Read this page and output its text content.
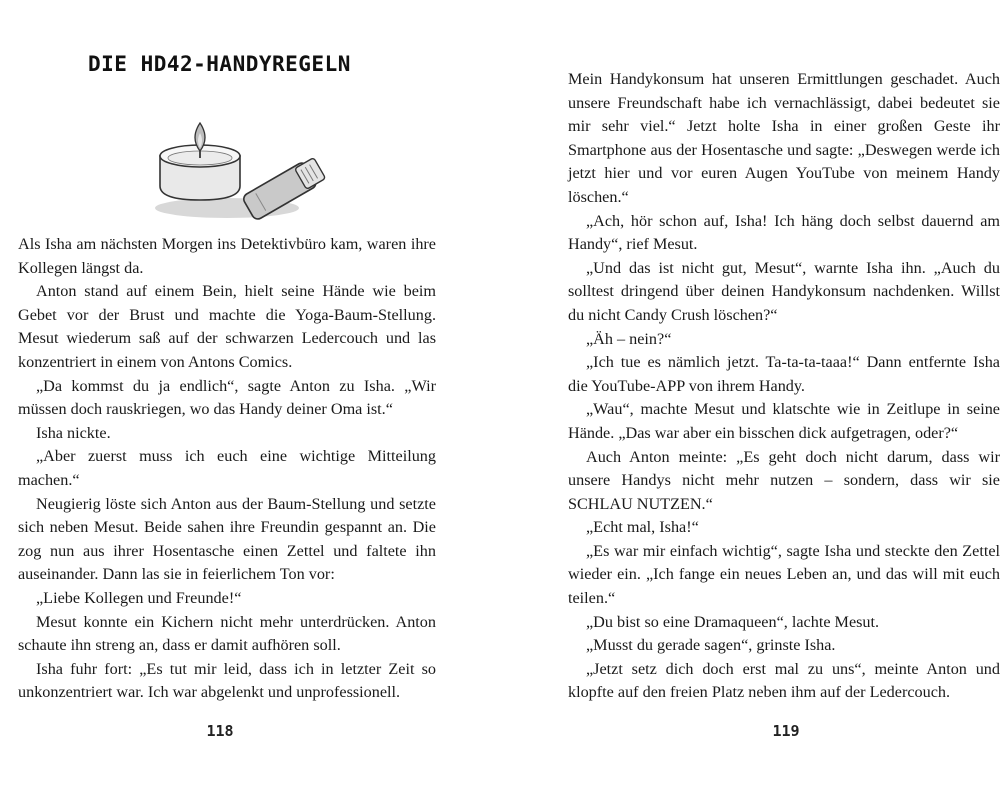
DIE HD42-HANDYREGELN

Als Isha am nächsten Morgen ins Detektivbüro kam, waren ihre Kollegen längst da.

Anton stand auf einem Bein, hielt seine Hände wie beim Gebet vor der Brust und machte die Yoga-Baum-Stellung. Mesut wiederum saß auf der schwarzen Ledercouch und las konzentriert in einem von Antons Comics.

„Da kommst du ja endlich“, sagte Anton zu Isha. „Wir müssen doch rauskriegen, wo das Handy deiner Oma ist.“

Isha nickte.

„Aber zuerst muss ich euch eine wichtige Mitteilung machen.“

Neugierig löste sich Anton aus der Baum-Stellung und setzte sich neben Mesut. Beide sahen ihre Freundin gespannt an. Die zog nun aus ihrer Hosentasche einen Zettel und faltete ihn auseinander. Dann las sie in feierlichem Ton vor:

„Liebe Kollegen und Freunde!“

Mesut konnte ein Kichern nicht mehr unterdrücken. Anton schaute ihn streng an, dass er damit aufhören soll.

Isha fuhr fort: „Es tut mir leid, dass ich in letzter Zeit so unkonzentriert war. Ich war abgelenkt und unprofessionell.

118

Mein Handykonsum hat unseren Ermittlungen geschadet. Auch unsere Freundschaft habe ich vernachlässigt, dabei bedeutet sie mir sehr viel.“ Jetzt holte Isha in einer großen Geste ihr Smartphone aus der Hosentasche und sagte: „Deswegen werde ich jetzt hier und vor euren Augen YouTube von meinem Handy löschen.“

„Ach, hör schon auf, Isha! Ich häng doch selbst dauernd am Handy“, rief Mesut.

„Und das ist nicht gut, Mesut“, warnte Isha ihn. „Auch du solltest dringend über deinen Handykonsum nachdenken. Willst du nicht Candy Crush löschen?“

„Äh – nein?“

„Ich tue es nämlich jetzt. Ta-ta-ta-taaa!“ Dann entfernte Isha die YouTube-APP von ihrem Handy.

„Wau“, machte Mesut und klatschte wie in Zeitlupe in seine Hände. „Das war aber ein bisschen dick aufgetragen, oder?“

Auch Anton meinte: „Es geht doch nicht darum, dass wir unsere Handys nicht mehr nutzen – sondern, dass wir sie SCHLAU NUTZEN.“

„Echt mal, Isha!“

„Es war mir einfach wichtig“, sagte Isha und steckte den Zettel wieder ein. „Ich fange ein neues Leben an, und das will mit euch teilen.“

„Du bist so eine Dramaqueen“, lachte Mesut.

„Musst du gerade sagen“, grinste Isha.

„Jetzt setz dich doch erst mal zu uns“, meinte Anton und klopfte auf den freien Platz neben ihm auf der Ledercouch.

119
